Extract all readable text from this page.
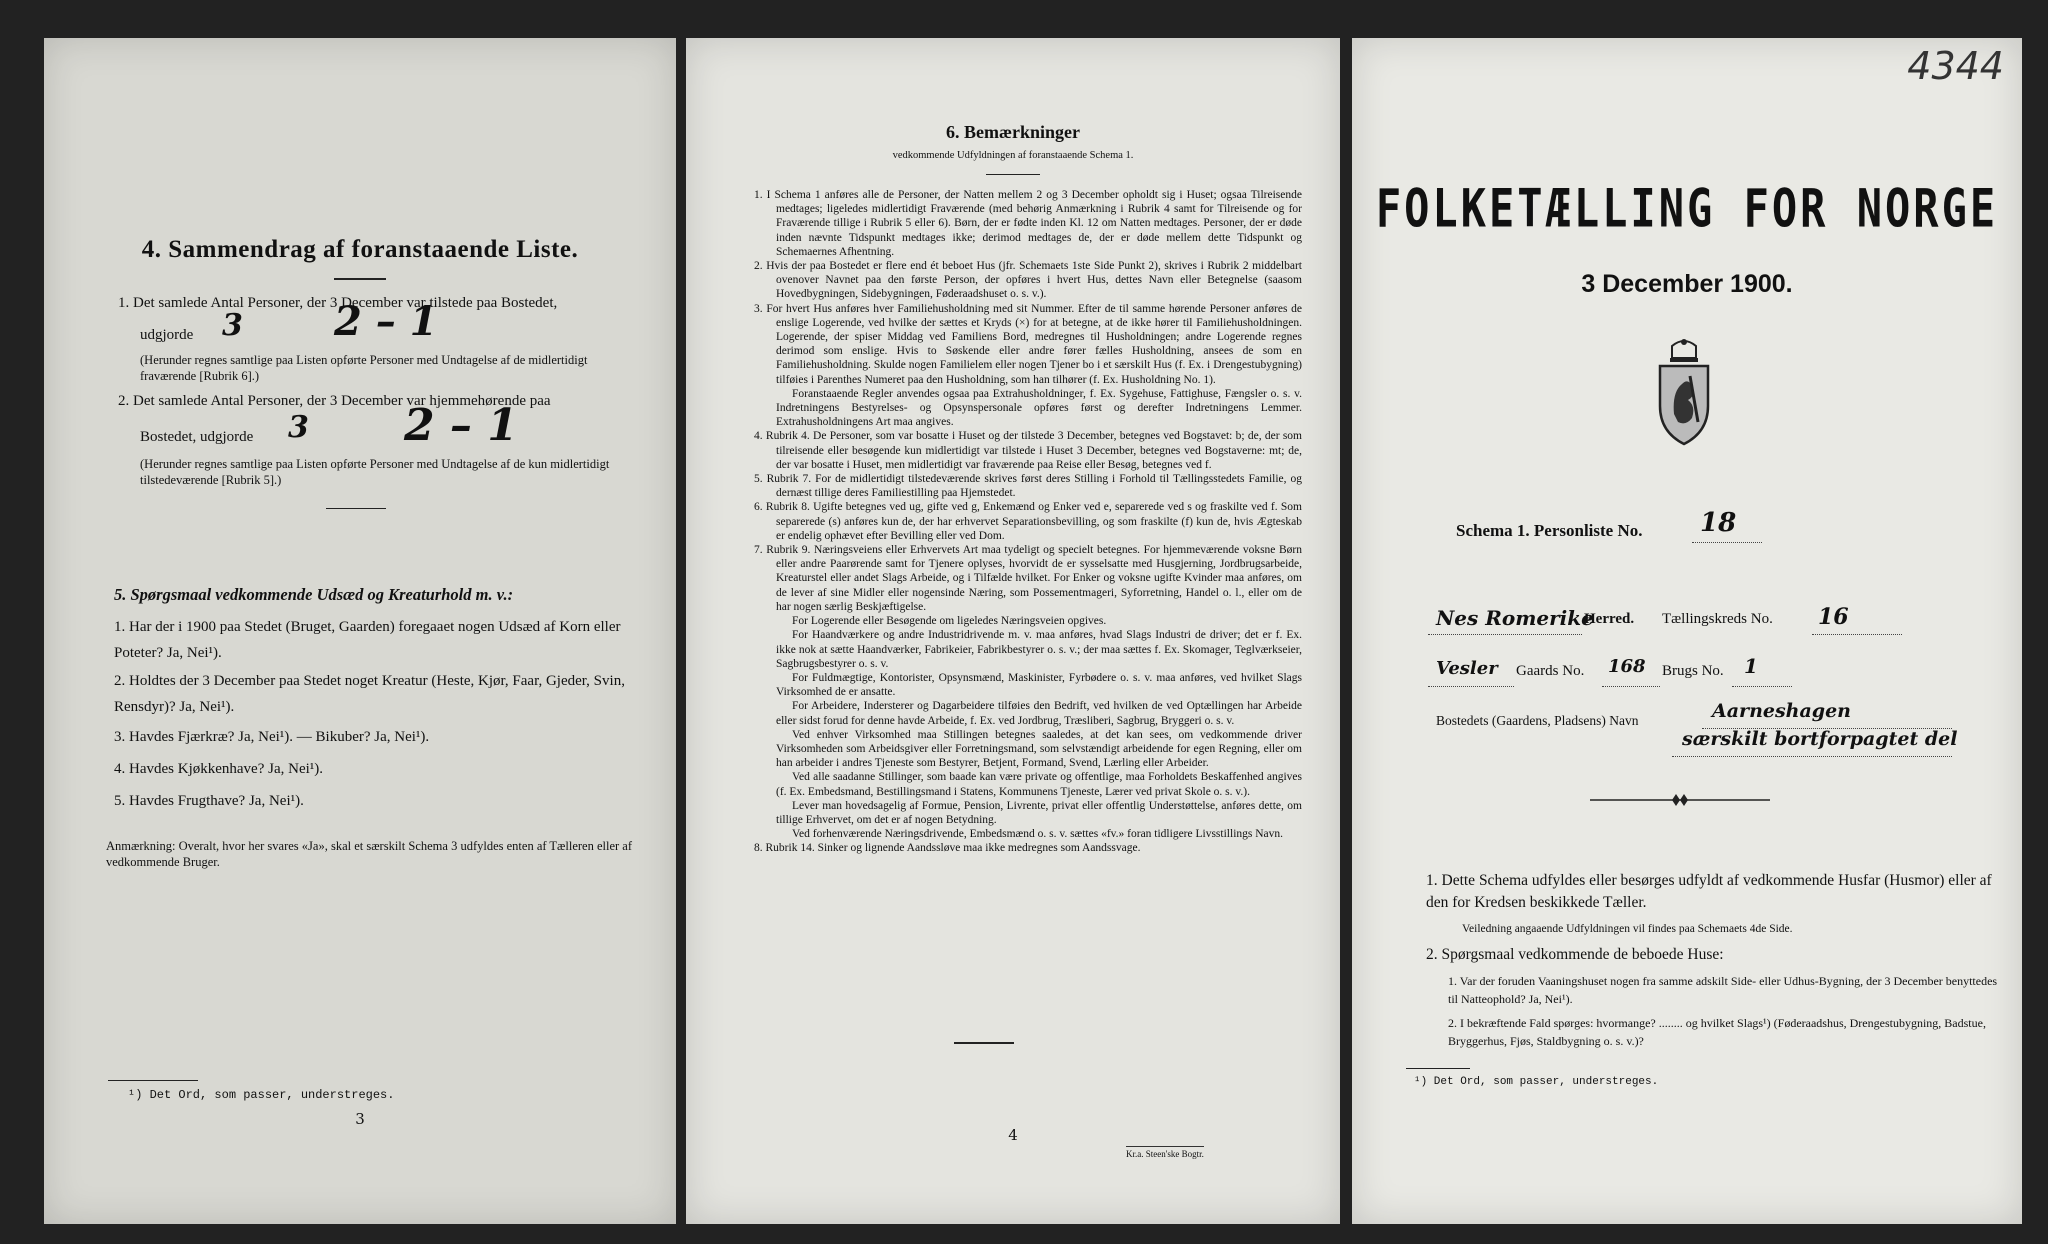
4. Sammendrag af foranstaaende Liste.
1. Det samlede Antal Personer, der 3 December var tilstede paa Bostedet,
udgjorde 3 2 – 1
(Herunder regnes samtlige paa Listen opførte Personer med Undtagelse af de midlertidigt fraværende [Rubrik 6].)
2. Det samlede Antal Personer, der 3 December var hjemmehørende paa
Bostedet, udgjorde 3 2 – 1
(Herunder regnes samtlige paa Listen opførte Personer med Undtagelse af de kun midlertidigt tilstedeværende [Rubrik 5].)
5. Spørgsmaal vedkommende Udsæd og Kreaturhold m. v.:
1. Har der i 1900 paa Stedet (Bruget, Gaarden) foregaaet nogen Udsæd af Korn eller Poteter? Ja, Nei¹).
2. Holdtes der 3 December paa Stedet noget Kreatur (Heste, Kjør, Faar, Gjeder, Svin, Rensdyr)? Ja, Nei¹).
3. Havdes Fjærkræ? Ja, Nei¹). — Bikuber? Ja, Nei¹).
4. Havdes Kjøkkenhave? Ja, Nei¹).
5. Havdes Frugthave? Ja, Nei¹).
Anmærkning: Overalt, hvor her svares «Ja», skal et særskilt Schema 3 udfyldes enten af Tælleren eller af vedkommende Bruger.
¹) Det Ord, som passer, understreges.
3
6. Bemærkninger
vedkommende Udfyldningen af foranstaaende Schema 1.

1. I Schema 1 anføres alle de Personer, der Natten mellem 2 og 3 December opholdt sig i Huset; ogsaa Tilreisende medtages; ligeledes midlertidigt Fraværende (med behørig Anmærkning i Rubrik 4 samt for Tilreisende og for Fraværende tillige i Rubrik 5 eller 6). Børn, der er fødte inden Kl. 12 om Natten medtages. Personer, der er døde inden nævnte Tidspunkt medtages ikke; derimod medtages de, der er døde mellem dette Tidspunkt og Schemaernes Afhentning.

2. Hvis der paa Bostedet er flere end ét beboet Hus (jfr. Schemaets 1ste Side Punkt 2), skrives i Rubrik 2 middelbart ovenover Navnet paa den første Person, der opføres i hvert Hus, dettes Navn eller Betegnelse (saasom Hovedbygningen, Sidebygningen, Føderaadshuset o. s. v.).

3. For hvert Hus anføres hver Familiehusholdning med sit Nummer. Efter de til samme hørende Personer anføres de enslige Logerende, ved hvilke der sættes et Kryds (×) for at betegne, at de ikke hører til Familiehusholdningen. Logerende, der spiser Middag ved Familiens Bord, medregnes til Husholdningen; andre Logerende regnes derimod som enslige. Hvis to Søskende eller andre fører fælles Husholdning, ansees de som en Familiehusholdning. Skulde nogen Familielem eller nogen Tjener bo i et særskilt Hus (f. Ex. i Drengestubygning) tilføies i Parenthes Numeret paa den Husholdning, som han tilhører (f. Ex. Husholdning No. 1).

Foranstaaende Regler anvendes ogsaa paa Extrahusholdninger, f. Ex. Sygehuse, Fattighuse, Fængsler o. s. v. Indretningens Bestyrelses- og Opsynspersonale opføres først og derefter Indretningens Lemmer. Extrahusholdningens Art maa angives.

4. Rubrik 4. De Personer, som var bosatte i Huset og der tilstede 3 December, betegnes ved Bogstavet: b; de, der som tilreisende eller besøgende kun midlertidigt var tilstede i Huset 3 December, betegnes ved Bogstaverne: mt; de, der var bosatte i Huset, men midlertidigt var fraværende paa Reise eller Besøg, betegnes ved f.

5. Rubrik 7. For de midlertidigt tilstedeværende skrives først deres Stilling i Forhold til Tællingsstedets Familie, og dernæst tillige deres Familiestilling paa Hjemstedet.

6. Rubrik 8. Ugifte betegnes ved ug, gifte ved g, Enkemænd og Enker ved e, separerede ved s og fraskilte ved f. Som separerede (s) anføres kun de, der har erhvervet Separationsbevilling, og som fraskilte (f) kun de, hvis Ægteskab er endelig ophævet efter Bevilling eller ved Dom.

7. Rubrik 9. Næringsveiens eller Erhvervets Art maa tydeligt og specielt betegnes. For hjemmeværende voksne Børn eller andre Paarørende samt for Tjenere oplyses, hvorvidt de er sysselsatte med Husgjerning, Jordbrugsarbeide, Kreaturstel eller andet Slags Arbeide, og i Tilfælde hvilket. For Enker og voksne ugifte Kvinder maa anføres, om de lever af sine Midler eller nogensinde Næring, som Possementmageri, Syforretning, Handel o. l., eller om de har nogen særlig Beskjæftigelse.

For Logerende eller Besøgende om ligeledes Næringsveien opgives.

For Haandværkere og andre Industridrivende m. v. maa anføres, hvad Slags Industri de driver; det er f. Ex. ikke nok at sætte Haandværker, Fabrikeier, Fabrikbestyrer o. s. v.; der maa sættes f. Ex. Skomager, Teglværkseier, Sagbrugsbestyrer o. s. v.

For Fuldmægtige, Kontorister, Opsynsmænd, Maskinister, Fyrbødere o. s. v. maa anføres, ved hvilket Slags Virksomhed de er ansatte.

For Arbeidere, Indersterer og Dagarbeidere tilføies den Bedrift, ved hvilken de ved Optællingen har Arbeide eller sidst forud for denne havde Arbeide, f. Ex. ved Jordbrug, Træsliberi, Sagbrug, Bryggeri o. s. v.

Ved enhver Virksomhed maa Stillingen betegnes saaledes, at det kan sees, om vedkommende driver Virksomheden som Arbeidsgiver eller Forretningsmand, som selvstændigt arbeidende for egen Regning, eller om han arbeider i andres Tjeneste som Bestyrer, Betjent, Formand, Svend, Lærling eller Arbeider.

Ved alle saadanne Stillinger, som baade kan være private og offentlige, maa Forholdets Beskaffenhed angives (f. Ex. Embedsmand, Bestillingsmand i Statens, Kommunens Tjeneste, Lærer ved privat Skole o. s. v.).

Lever man hovedsagelig af Formue, Pension, Livrente, privat eller offentlig Understøttelse, anføres dette, om tillige Erhvervet, om det er af nogen Betydning.

Ved forhenværende Næringsdrivende, Embedsmænd o. s. v. sættes «fv.» foran tidligere Livsstillings Navn.

8. Rubrik 14. Sinker og lignende Aandssløve maa ikke medregnes som Aandssvage.

4
Kr.a. Steen'ske Bogtr.
4344
FOLKETÆLLING FOR NORGE
3 December 1900.
Schema 1. Personliste No. 18
Nes Romerike
Herred. Tællingskreds No. 16
Vesler Gaards No. 168 Brugs No. 1
Bostedets (Gaardens, Pladsens) Navn	Aarneshagen
særskilt bortforpagtet del
1. Dette Schema udfyldes eller besørges udfyldt af vedkommende Husfar (Husmor) eller af den for Kredsen beskikkede Tæller.
Veiledning angaaende Udfyldningen vil findes paa Schemaets 4de Side.
2. Spørgsmaal vedkommende de beboede Huse:
1. Var der foruden Vaaningshuset nogen fra samme adskilt Side- eller Udhus-Bygning, der 3 December benyttedes til Natteophold? Ja, Nei¹).
2. I bekræftende Fald spørges: hvormange? ........ og hvilket Slags¹) (Føderaadshus, Drengestubygning, Badstue, Bryggerhus, Fjøs, Staldbygning o. s. v.)?
¹) Det Ord, som passer, understreges.
